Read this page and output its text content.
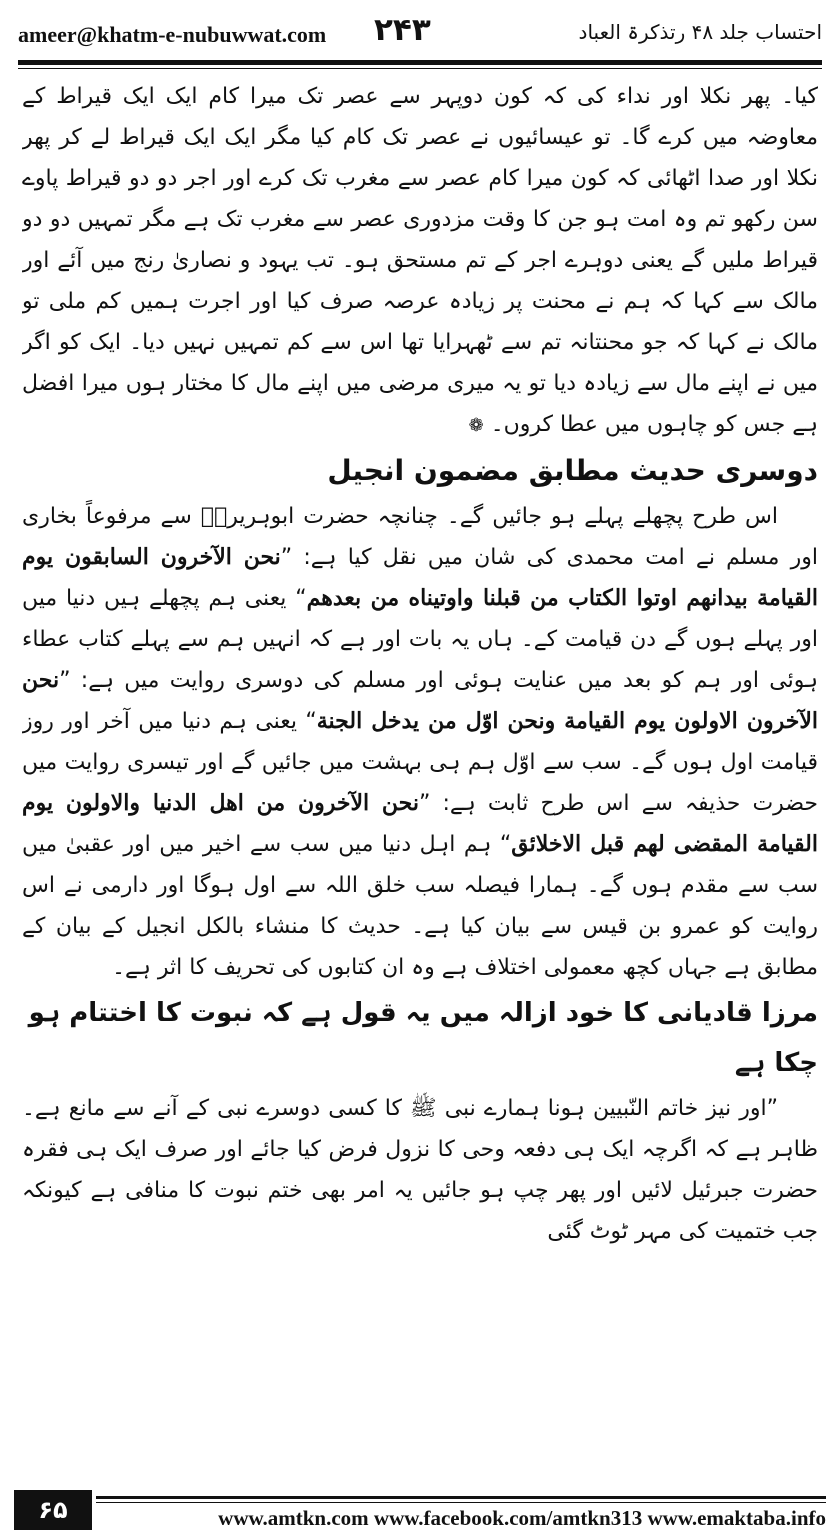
ameer@khatm-e-nubuwwat.com ۲۴۳	احتساب جلد ۴۸ رتذکرۃ العباد

کیا۔ پھر نکلا اور نداء کی کہ کون دوپہر سے عصر تک میرا کام ایک ایک قیراط کے معاوضہ میں کرے گا۔ تو عیسائیوں نے عصر تک کام کیا مگر ایک ایک قیراط لے کر پھر نکلا اور صدا اٹھائی کہ کون میرا کام عصر سے مغرب تک کرے اور اجر دو دو قیراط پاوے سن رکھو تم وہ امت ہو جن کا وقت مزدوری عصر سے مغرب تک ہے مگر تمہیں دو دو قیراط ملیں گے یعنی دوہرے اجر کے تم مستحق ہو۔ تب یہود و نصاریٰ رنج میں آئے اور مالک سے کہا کہ ہم نے محنت پر زیادہ عرصہ صرف کیا اور اجرت ہمیں کم ملی تو مالک نے کہا کہ جو محنتانہ تم سے ٹھہرایا تھا اس سے کم تمہیں نہیں دیا۔ ایک کو اگر میں نے اپنے مال سے زیادہ دیا تو یہ میری مرضی میں اپنے مال کا مختار ہوں میرا افضل ہے جس کو چاہوں میں عطا کروں۔ ❁

دوسری حدیث مطابق مضمون انجیل

اس طرح پچھلے پہلے ہو جائیں گے۔ چنانچہ حضرت ابوہریرہؓ سے مرفوعاً بخاری اور مسلم نے امت محمدی کی شان میں نقل کیا ہے: ”نحن الآخرون السابقون یوم القیامة بیدانهم اوتوا الکتاب من قبلنا واوتیناه من بعدهم“ یعنی ہم پچھلے ہیں دنیا میں اور پہلے ہوں گے دن قیامت کے۔ ہاں یہ بات اور ہے کہ انہیں ہم سے پہلے کتاب عطاء ہوئی اور ہم کو بعد میں عنایت ہوئی اور مسلم کی دوسری روایت میں ہے: ”نحن الآخرون الاولون یوم القیامة ونحن اوّل من یدخل الجنة“ یعنی ہم دنیا میں آخر اور روز قیامت اول ہوں گے۔ سب سے اوّل ہم ہی بہشت میں جائیں گے اور تیسری روایت میں حضرت حذیفہ سے اس طرح ثابت ہے: ”نحن الآخرون من اهل الدنیا والاولون یوم القیامة المقضی لهم قبل الاخلائق“ ہم اہل دنیا میں سب سے اخیر میں اور عقبیٰ میں سب سے مقدم ہوں گے۔ ہمارا فیصلہ سب خلق اللہ سے اول ہوگا اور دارمی نے اس روایت کو عمرو بن قیس سے بیان کیا ہے۔ حدیث کا منشاء بالکل انجیل کے بیان کے مطابق ہے جہاں کچھ معمولی اختلاف ہے وہ ان کتابوں کی تحریف کا اثر ہے۔

مرزا قادیانی کا خود ازالہ میں یہ قول ہے کہ نبوت کا اختتام ہو چکا ہے

”اور نیز خاتم النّبیین ہونا ہمارے نبی ﷺ کا کسی دوسرے نبی کے آنے سے مانع ہے۔ ظاہر ہے کہ اگرچہ ایک ہی دفعہ وحی کا نزول فرض کیا جائے اور صرف ایک ہی فقرہ حضرت جبرئیل لائیں اور پھر چپ ہو جائیں یہ امر بھی ختم نبوت کا منافی ہے کیونکہ جب ختمیت کی مہر ٹوٹ گئی

۶۵	www.amtkn.com www.facebook.com/amtkn313 www.emaktaba.info
